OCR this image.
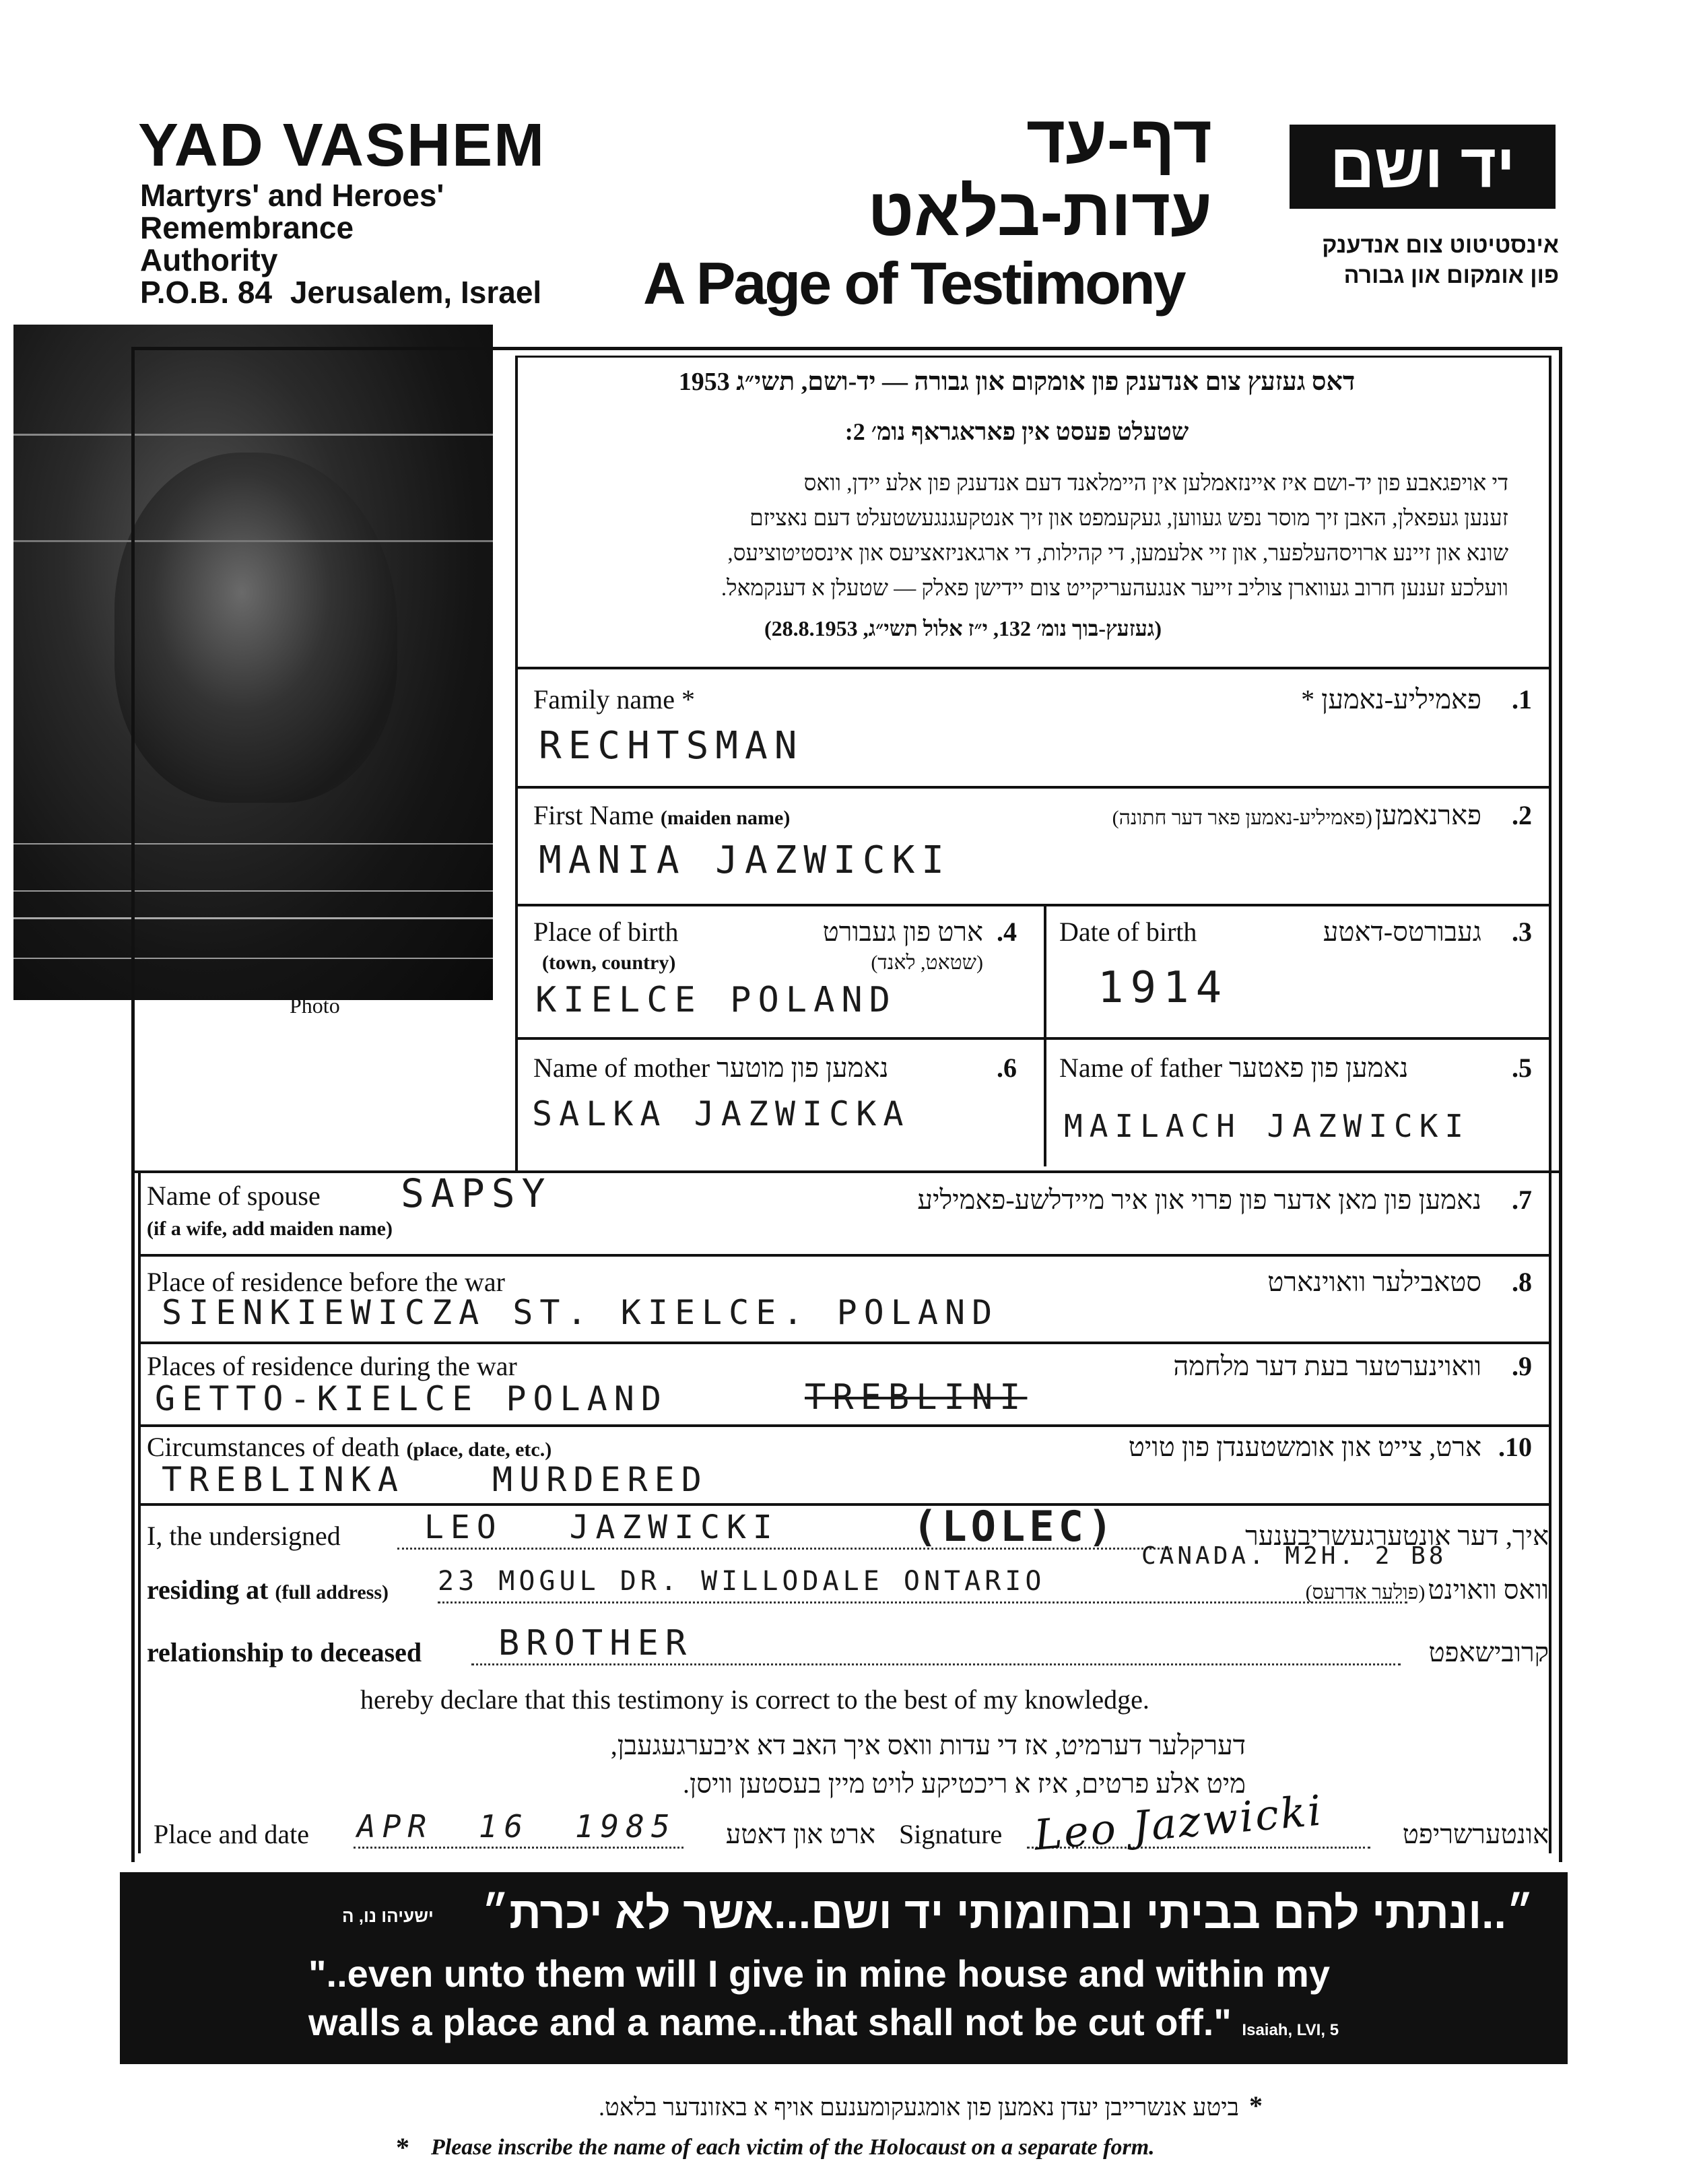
YAD VASHEM
Martyrs' and Heroes'
Remembrance
Authority
P.O.B. 84 Jerusalem, Israel
דף-עד
עדות-בלאט
A Page of Testimony
יד ושם
אינסטיטוט צום אנדענק
פון אומקום און גבורה
Photo
דאס געזעץ צום אנדענק פון אומקום און גבורה — יד-ושם, תשי״ג 1953
שטעלט פעסט אין פאראגראף נומ׳ 2:
די אויפגאבע פון יד-ושם איז איינזאמלען אין היימלאנד דעם אנדענק פון אלע יידן, וואס
זענען געפאלן, האבן זיך מוסר נפש געווען, געקעמפט און זיך אנטקעגנגעשטעלט דעם נאציזם
שונא און זיינע ארויסהעלפער, און זיי אלעמען, די קהילות, די ארגאניזאציעס און אינסטיטוציעס,
וועלכע זענען חרוב געווארן צוליב זייער אנגעהעריקייט צום יידישן פאלק — שטעלן א דענקמאל.
(געזעץ-בוך נומ׳ 132, י״ז אלול תשי״ג, 28.8.1953)
Family name *	פאמיליע-נאמען * .1
RECHTSMAN
First Name (maiden name)	פארנאמען (פאמיליע-נאמען פאר דער חתונה)	.2
MANIA JAZWICKI
Place of birth
(town, country)
ארט פון געבורט
(שטאט, לאנד)
.4
KIELCE POLAND
Date of birth	געבורטס-דאטע .3
1914
Name of mother נאמען פון מוטער	.6
SALKA JAZWICKA
Name of father נאמען פון פאטער	.5
MAILACH JAZWICKI
Name of spouse
(if a wife, add maiden name)
SAPSY	נאמען פון מאן אדער פון פרוי און איר מיידלשע-פאמיליע .7
Place of residence before the war	סטאבילער וואוינארט .8
SIENKIEWICZA ST. KIELCE. POLAND
Places of residence during the war	וואוינערטער בעת דער מלחמה .9
GETTO-KIELCE POLAND	TREBLINI
Circumstances of death (place, date, etc.)	ארט, צייט און אומשטענדן פון טויט .10
TREBLINKA MURDERED
I, the undersigned	LEO JAZWICKI	(LOLEC)	איך, דער אונטערגעשריבענער
residing at (full address) 23 MOGUL DR. WILLODALE ONTARIO
CANADA. M2H. 2 B8
וואס וואוינט (פולער אדרעס)
relationship to deceased BROTHER	קרובישאפט
hereby declare that this testimony is correct to the best of my knowledge.
דערקלער דערמיט, אז די עדות וואס איך האב דא איבערגעגעבן,
מיט אלע פרטים, איז א ריכטיקע לויט מיין בעסטען וויסן.
Place and date APR 16 1985	ארט און דאטע Signature Leo Jazwicki	אונטערשריפט
ישעיהו נו, ה	״..ונתתי להם בביתי ובחומותי יד ושם...אשר לא יכרת״
"..even unto them will I give in mine house and within my
walls a place and a name...that shall not be cut off." Isaiah, LVI, 5
*
ביטע אנשרייבן יעדן נאמען פון אומגעקומענעם אויף א באזונדער בלאט.
* Please inscribe the name of each victim of the Holocaust on a separate form.
